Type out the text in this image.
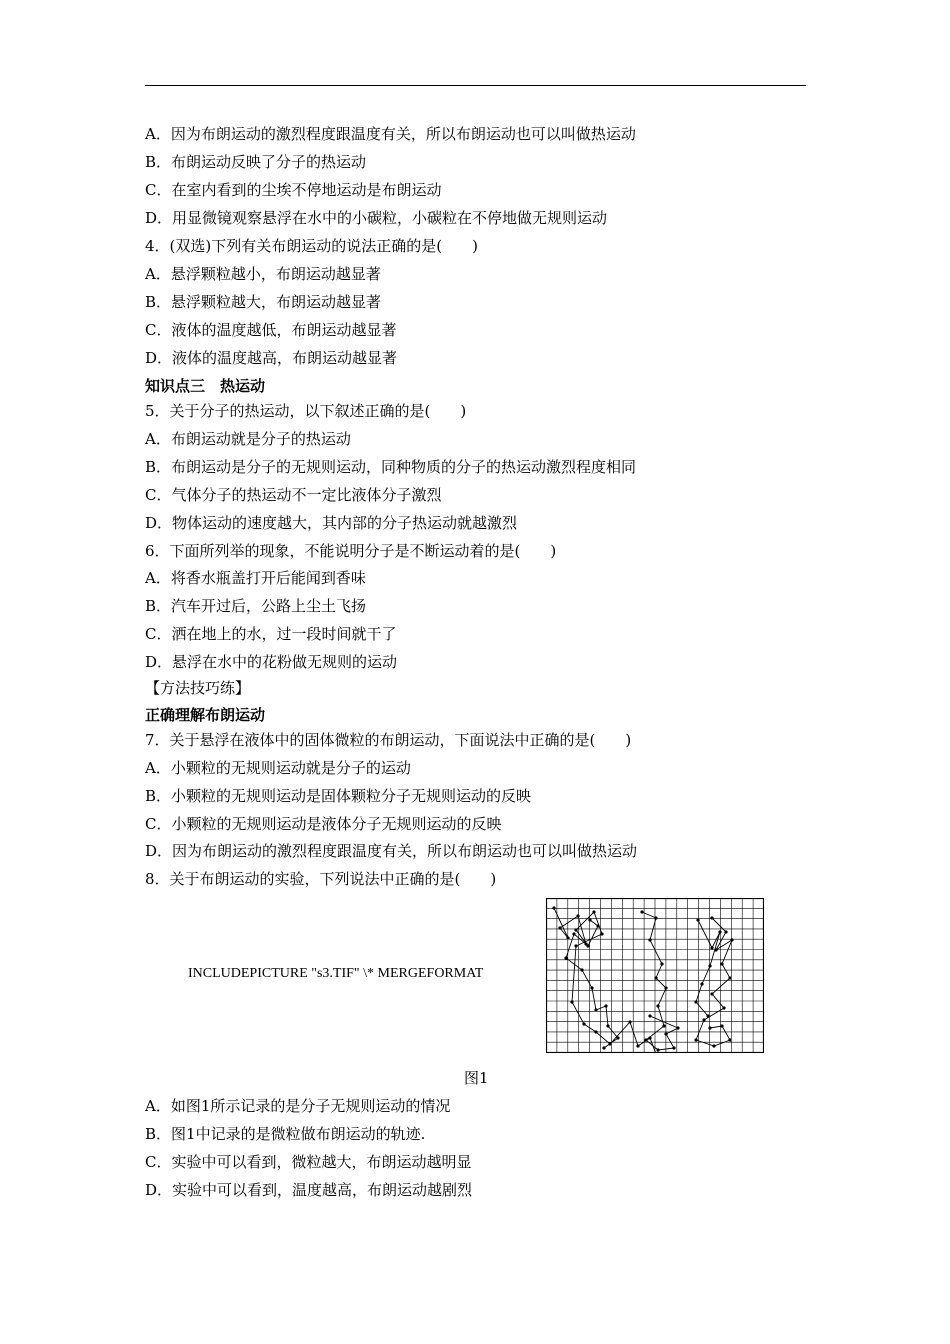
A．因为布朗运动的激烈程度跟温度有关，所以布朗运动也可以叫做热运动
B．布朗运动反映了分子的热运动
C．在室内看到的尘埃不停地运动是布朗运动
D．用显微镜观察悬浮在水中的小碳粒，小碳粒在不停地做无规则运动
4．(双选)下列有关布朗运动的说法正确的是(　　)
A．悬浮颗粒越小，布朗运动越显著
B．悬浮颗粒越大，布朗运动越显著
C．液体的温度越低，布朗运动越显著
D．液体的温度越高，布朗运动越显著
知识点三　热运动
5．关于分子的热运动，以下叙述正确的是(　　)
A．布朗运动就是分子的热运动
B．布朗运动是分子的无规则运动，同种物质的分子的热运动激烈程度相同
C．气体分子的热运动不一定比液体分子激烈
D．物体运动的速度越大，其内部的分子热运动就越激烈
6．下面所列举的现象，不能说明分子是不断运动着的是(　　)
A．将香水瓶盖打开后能闻到香味
B．汽车开过后，公路上尘土飞扬
C．洒在地上的水，过一段时间就干了
D．悬浮在水中的花粉做无规则的运动
【方法技巧练】
正确理解布朗运动
7．关于悬浮在液体中的固体微粒的布朗运动，下面说法中正确的是(　　)
A．小颗粒的无规则运动就是分子的运动
B．小颗粒的无规则运动是固体颗粒分子无规则运动的反映
C．小颗粒的无规则运动是液体分子无规则运动的反映
D．因为布朗运动的激烈程度跟温度有关，所以布朗运动也可以叫做热运动
8．关于布朗运动的实验，下列说法中正确的是(　　)
A．如图1所示记录的是分子无规则运动的情况
B．图1中记录的是微粒做布朗运动的轨迹.
C．实验中可以看到，微粒越大，布朗运动越明显
D．实验中可以看到，温度越高，布朗运动越剧烈
INCLUDEPICTURE "s3.TIF" \* MERGEFORMAT
图1
